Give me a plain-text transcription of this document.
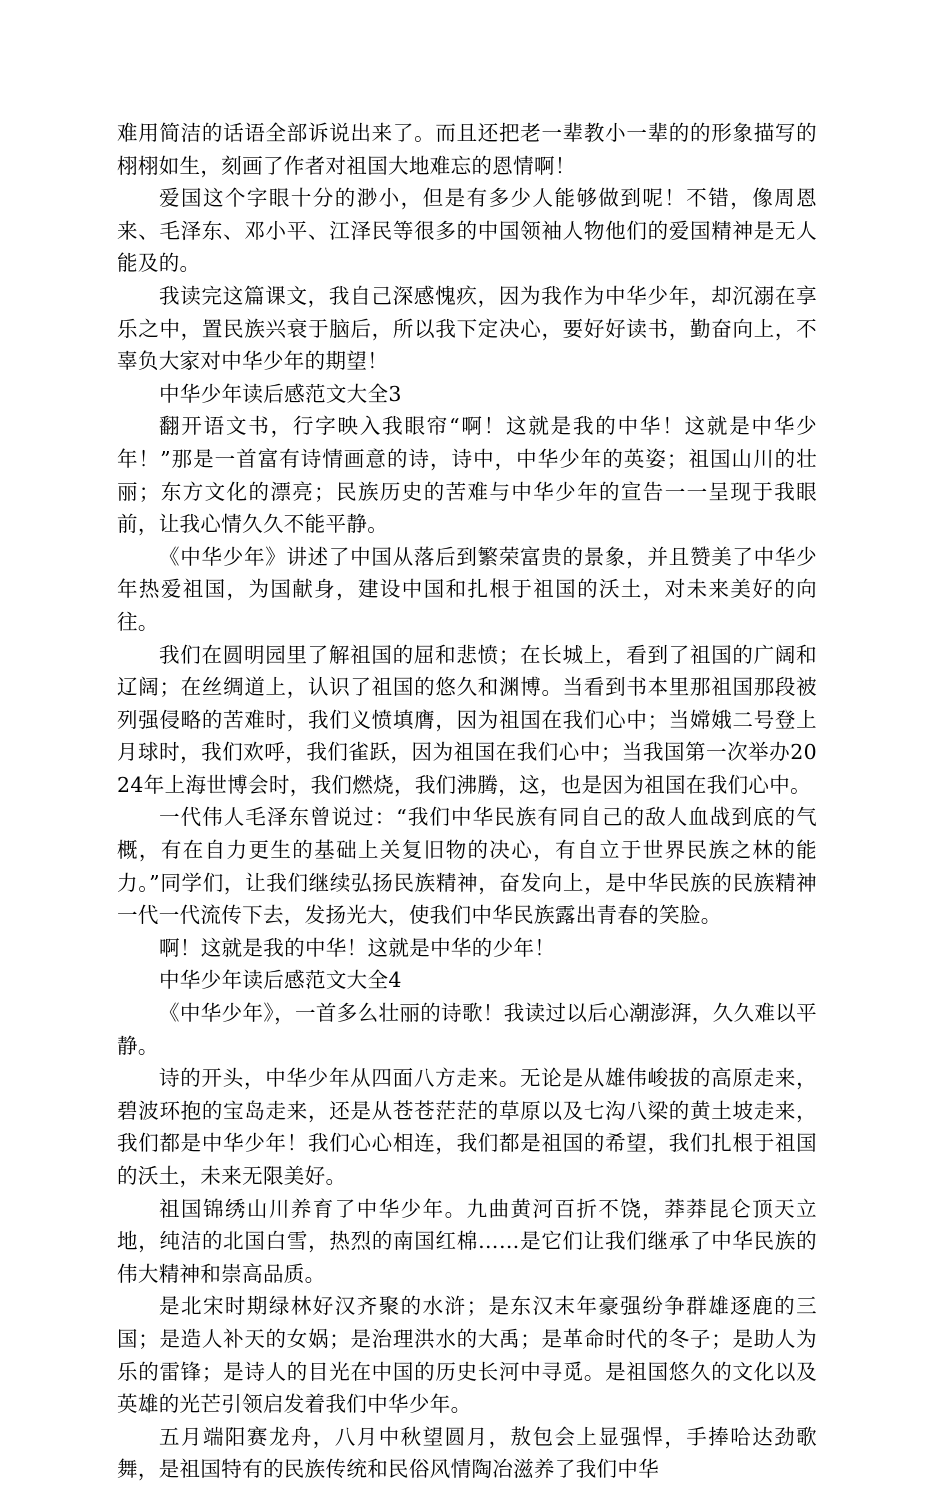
难用简洁的话语全部诉说出来了。而且还把老一辈教小一辈的的形象描写的栩栩如生，刻画了作者对祖国大地难忘的恩情啊！

爱国这个字眼十分的渺小，但是有多少人能够做到呢！不错，像周恩来、毛泽东、邓小平、江泽民等很多的中国领袖人物他们的爱国精神是无人能及的。

我读完这篇课文，我自己深感愧疚，因为我作为中华少年，却沉溺在享乐之中，置民族兴衰于脑后，所以我下定决心，要好好读书，勤奋向上，不辜负大家对中华少年的期望！

中华少年读后感范文大全3

翻开语文书，行字映入我眼帘“啊！这就是我的中华！这就是中华少年！”那是一首富有诗情画意的诗，诗中，中华少年的英姿；祖国山川的壮丽；东方文化的漂亮；民族历史的苦难与中华少年的宣告一一呈现于我眼前，让我心情久久不能平静。

《中华少年》讲述了中国从落后到繁荣富贵的景象，并且赞美了中华少年热爱祖国，为国献身，建设中国和扎根于祖国的沃土，对未来美好的向往。

我们在圆明园里了解祖国的屈和悲愤；在长城上，看到了祖国的广阔和辽阔；在丝绸道上，认识了祖国的悠久和渊博。当看到书本里那祖国那段被列强侵略的苦难时，我们义愤填膺，因为祖国在我们心中；当嫦娥二号登上月球时，我们欢呼，我们雀跃，因为祖国在我们心中；当我国第一次举办2024年上海世博会时，我们燃烧，我们沸腾，这，也是因为祖国在我们心中。

一代伟人毛泽东曾说过：“我们中华民族有同自己的敌人血战到底的气概，有在自力更生的基础上关复旧物的决心，有自立于世界民族之林的能力。”同学们，让我们继续弘扬民族精神，奋发向上，是中华民族的民族精神一代一代流传下去，发扬光大，使我们中华民族露出青春的笑脸。

啊！这就是我的中华！这就是中华的少年！

中华少年读后感范文大全4

《中华少年》，一首多么壮丽的诗歌！我读过以后心潮澎湃，久久难以平静。

诗的开头，中华少年从四面八方走来。无论是从雄伟峻拔的高原走来，碧波环抱的宝岛走来，还是从苍苍茫茫的草原以及七沟八梁的黄土坡走来，我们都是中华少年！我们心心相连，我们都是祖国的希望，我们扎根于祖国的沃土，未来无限美好。

祖国锦绣山川养育了中华少年。九曲黄河百折不饶，莽莽昆仑顶天立地，纯洁的北国白雪，热烈的南国红棉……是它们让我们继承了中华民族的伟大精神和崇高品质。

是北宋时期绿林好汉齐聚的水浒；是东汉末年豪强纷争群雄逐鹿的三国；是造人补天的女娲；是治理洪水的大禹；是革命时代的冬子；是助人为乐的雷锋；是诗人的目光在中国的历史长河中寻觅。是祖国悠久的文化以及英雄的光芒引领启发着我们中华少年。

五月端阳赛龙舟，八月中秋望圆月，敖包会上显强悍，手捧哈达劲歌舞，是祖国特有的民族传统和民俗风情陶冶滋养了我们中华
